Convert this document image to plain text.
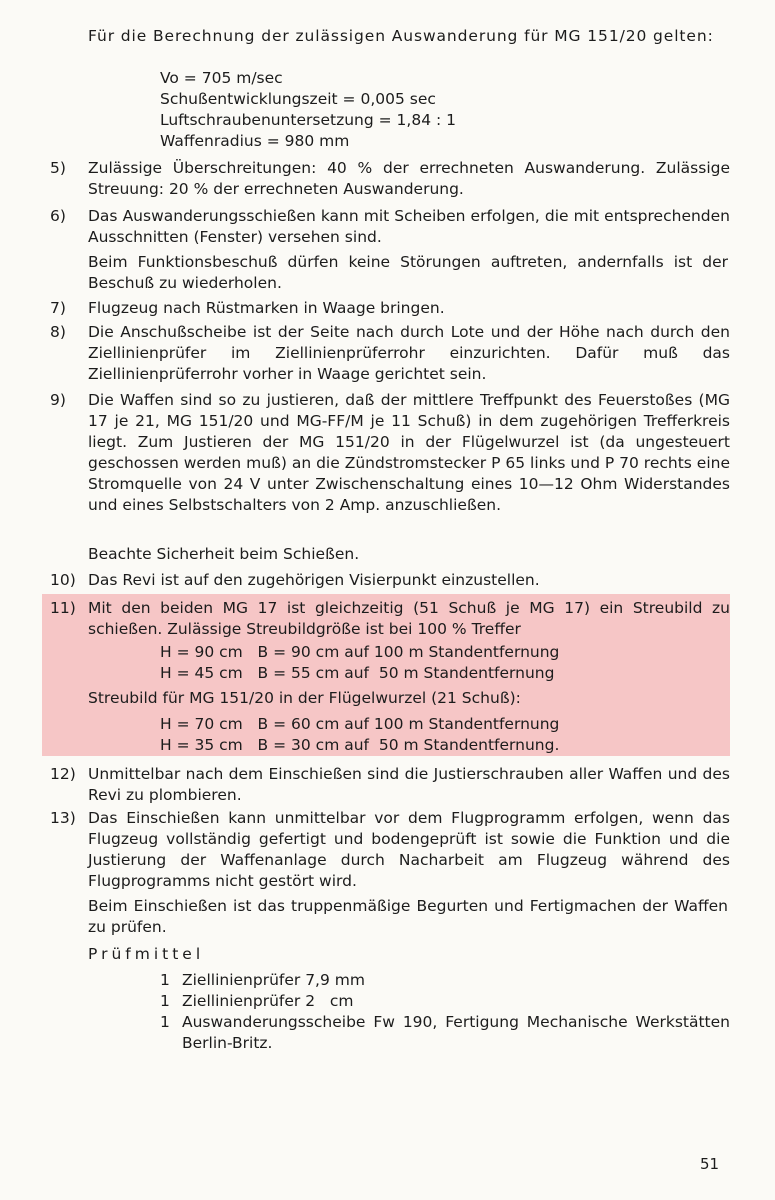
Für die Berechnung der zulässigen Auswanderung für MG 151/20 gelten:

Vo = 705 m/sec
Schußentwicklungszeit = 0,005 sec
Luftschraubenuntersetzung = 1,84 : 1
Waffenradius = 980 mm
5)	Zulässige Überschreitungen: 40 % der errechneten Auswanderung. Zulässige Streuung: 20 % der errechneten Auswanderung.
6)	Das Auswanderungsschießen kann mit Scheiben erfolgen, die mit entsprechenden Ausschnitten (Fenster) versehen sind.

Beim Funktionsbeschuß dürfen keine Störungen auftreten, andernfalls ist der Beschuß zu wiederholen.

7)	Flugzeug nach Rüstmarken in Waage bringen.
8)	Die Anschußscheibe ist der Seite nach durch Lote und der Höhe nach durch den Ziellinienprüfer im Ziellinienprüferrohr einzurichten. Dafür muß das Ziellinienprüferrohr vorher in Waage gerichtet sein.
9)	Die Waffen sind so zu justieren, daß der mittlere Treffpunkt des Feuerstoßes (MG 17 je 21, MG 151/20 und MG-FF/M je 11 Schuß) in dem zugehörigen Trefferkreis liegt. Zum Justieren der MG 151/20 in der Flügelwurzel ist (da ungesteuert geschossen werden muß) an die Zündstromstecker P 65 links und P 70 rechts eine Stromquelle von 24 V unter Zwischenschaltung eines 10—12 Ohm Widerstandes und eines Selbstschalters von 2 Amp. anzuschließen.

Beachte Sicherheit beim Schießen.

10) Das Revi ist auf den zugehörigen Visierpunkt einzustellen.
11) Mit den beiden MG 17 ist gleichzeitig (51 Schuß je MG 17) ein Streubild zu schießen. Zulässige Streubildgröße ist bei 100 % Treffer
H = 90 cm   B = 90 cm auf 100 m Standentfernung
H = 45 cm   B = 55 cm auf  50 m Standentfernung

Streubild für MG 151/20 in der Flügelwurzel (21 Schuß):

H = 70 cm   B = 60 cm auf 100 m Standentfernung
H = 35 cm   B = 30 cm auf  50 m Standentfernung.
12) Unmittelbar nach dem Einschießen sind die Justierschrauben aller Waffen und des Revi zu plombieren.
13) Das Einschießen kann unmittelbar vor dem Flugprogramm erfolgen, wenn das Flugzeug vollständig gefertigt und bodengeprüft ist sowie die Funktion und die Justierung der Waffenanlage durch Nacharbeit am Flugzeug während des Flugprogramms nicht gestört wird.

Beim Einschießen ist das truppenmäßige Begurten und Fertigmachen der Waffen zu prüfen.

Prüfmittel

1 Ziellinienprüfer 7,9 mm
1 Ziellinienprüfer 2   cm
1 Auswanderungsscheibe Fw 190, Fertigung Mechanische Werkstätten Berlin-Britz.

51
